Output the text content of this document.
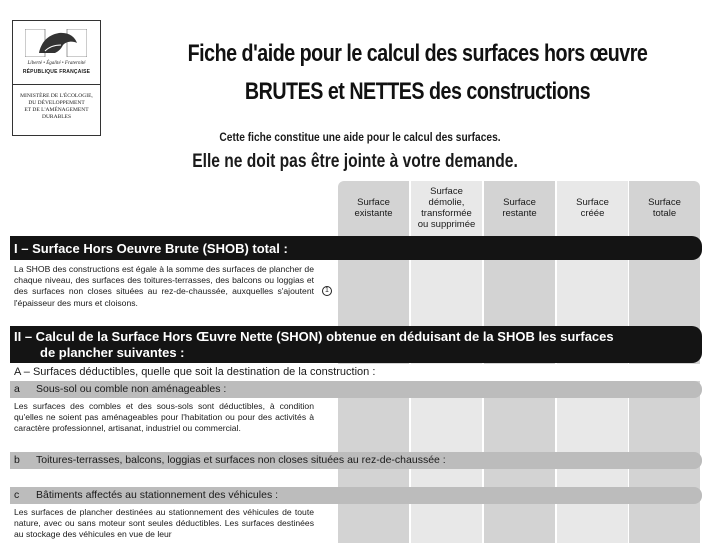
Liberté • Égalité • Fraternité
RÉPUBLIQUE FRANÇAISE
MINISTÈRE DE L'ÉCOLOGIE,
DU DÉVELOPPEMENT
ET DE L'AMÉNAGEMENT
DURABLES
Fiche d'aide pour le calcul des surfaces hors œuvre
BRUTES et NETTES des constructions
Cette fiche constitue une aide pour le calcul des surfaces.
Elle ne doit pas être jointe à votre demande.
Surface
existante
Surface
démolie,
transformée
ou supprimée
Surface
restante
Surface
créée
Surface
totale
I – Surface Hors Oeuvre Brute (SHOB) total :
La SHOB des constructions est égale à la somme des surfaces de plancher de chaque niveau, des surfaces des toitures-terrasses, des balcons ou loggias et des surfaces non closes situées au rez-de-chaussée, auxquelles s'ajoutent l'épaisseur des murs et cloisons.
1
II – Calcul de la Surface Hors Œuvre Nette (SHON) obtenue en déduisant de la SHOB les surfaces
de plancher suivantes :
A – Surfaces déductibles, quelle que soit la destination de la construction :
a Sous-sol ou comble non aménageables :
Les surfaces des combles et des sous-sols sont déductibles, à condition qu'elles ne soient pas aménageables pour l'habitation ou pour des activités à caractère professionnel, artisanat, industriel ou commercial.
b Toitures-terrasses, balcons, loggias et surfaces non closes situées au rez-de-chaussée :
c Bâtiments affectés au stationnement des véhicules :
Les surfaces de plancher destinées au stationnement des véhicules de toute nature, avec ou sans moteur sont seules déductibles. Les surfaces destinées au stockage des véhicules en vue de leur
